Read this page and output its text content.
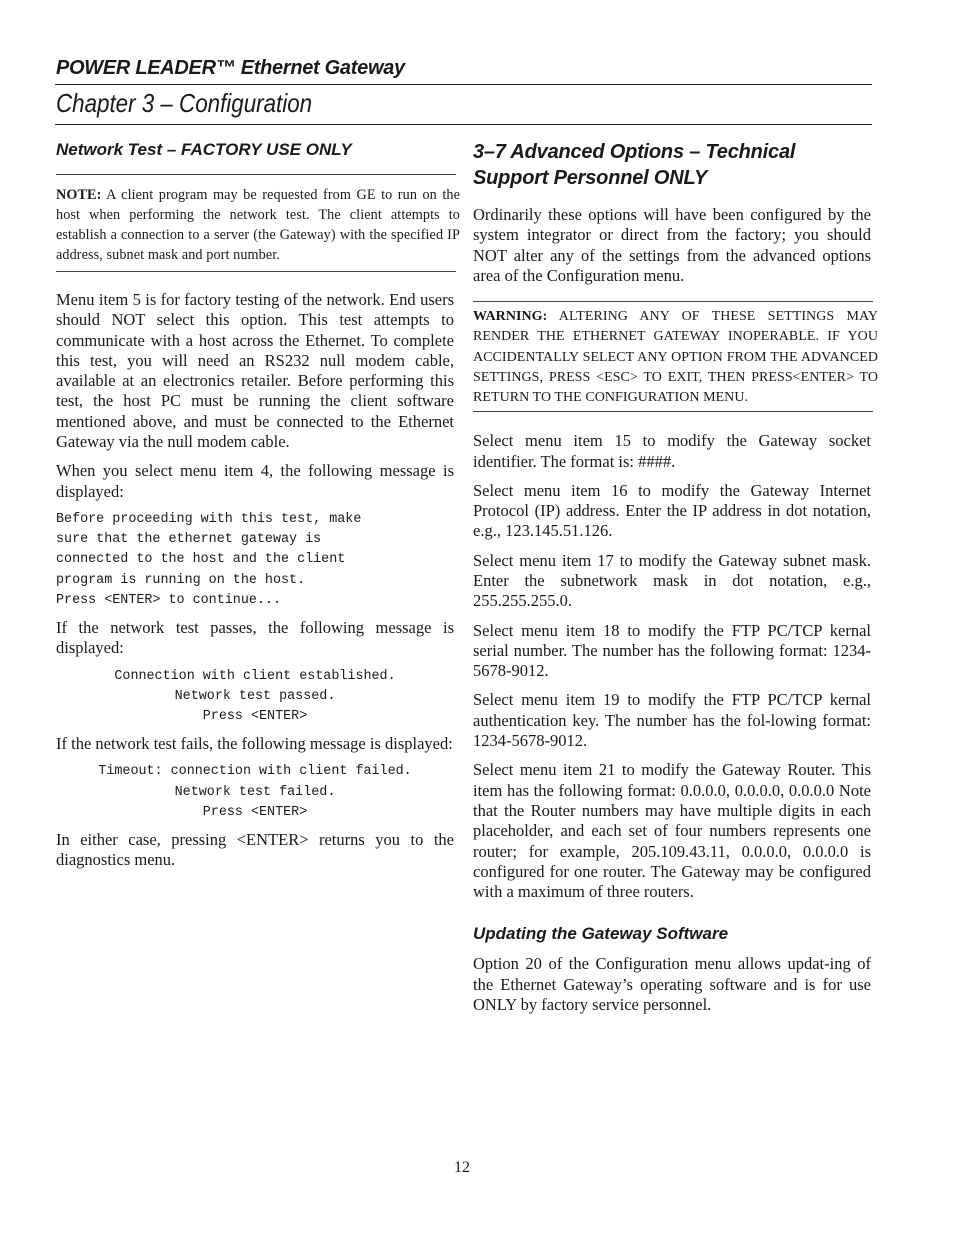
POWER LEADER™ Ethernet Gateway
Chapter 3 – Configuration
Network Test – FACTORY USE ONLY

NOTE: A client program may be requested from GE to run on the host when performing the network test. The client attempts to establish a connection to a server (the Gateway) with the specified IP address, subnet mask and port number.

Menu item 5 is for factory testing of the network. End users should NOT select this option. This test attempts to communicate with a host across the Ethernet. To complete this test, you will need an RS232 null modem cable, available at an electronics retailer. Before performing this test, the host PC must be running the client software mentioned above, and must be connected to the Ethernet Gateway via the null modem cable.

When you select menu item 4, the following message is displayed:

Before proceeding with this test, make
sure that the ethernet gateway is
connected to the host and the client
program is running on the host.
Press <ENTER> to continue...

If the network test passes, the following message is displayed:

Connection with client established.
Network test passed.
Press <ENTER>

If the network test fails, the following message is displayed:

Timeout: connection with client failed.
Network test failed.
Press <ENTER>

In either case, pressing <ENTER> returns you to the diagnostics menu.

3–7 Advanced Options – Technical Support Personnel ONLY

Ordinarily these options will have been configured by the system integrator or direct from the factory; you should NOT alter any of the settings from the advanced options area of the Configuration menu.

WARNING: ALTERING ANY OF THESE SETTINGS MAY RENDER THE ETHERNET GATEWAY INOPERABLE. IF YOU ACCIDENTALLY SELECT ANY OPTION FROM THE ADVANCED SETTINGS, PRESS <ESC> TO EXIT, THEN PRESS<ENTER> TO RETURN TO THE CONFIGURATION MENU.

Select menu item 15 to modify the Gateway socket identifier. The format is: ####.

Select menu item 16 to modify the Gateway Internet Protocol (IP) address. Enter the IP address in dot notation, e.g., 123.145.51.126.

Select menu item 17 to modify the Gateway subnet mask. Enter the subnetwork mask in dot notation, e.g., 255.255.255.0.

Select menu item 18 to modify the FTP PC/TCP kernal serial number. The number has the following format: 1234-5678-9012.

Select menu item 19 to modify the FTP PC/TCP kernal authentication key. The number has the fol-lowing format: 1234-5678-9012.

Select menu item 21 to modify the Gateway Router. This item has the following format: 0.0.0.0, 0.0.0.0, 0.0.0.0 Note that the Router numbers may have multiple digits in each placeholder, and each set of four numbers represents one router; for example, 205.109.43.11, 0.0.0.0, 0.0.0.0 is configured for one router. The Gateway may be configured with a maximum of three routers.

Updating the Gateway Software

Option 20 of the Configuration menu allows updat-ing of the Ethernet Gateway’s operating software and is for use ONLY by factory service personnel.

12
